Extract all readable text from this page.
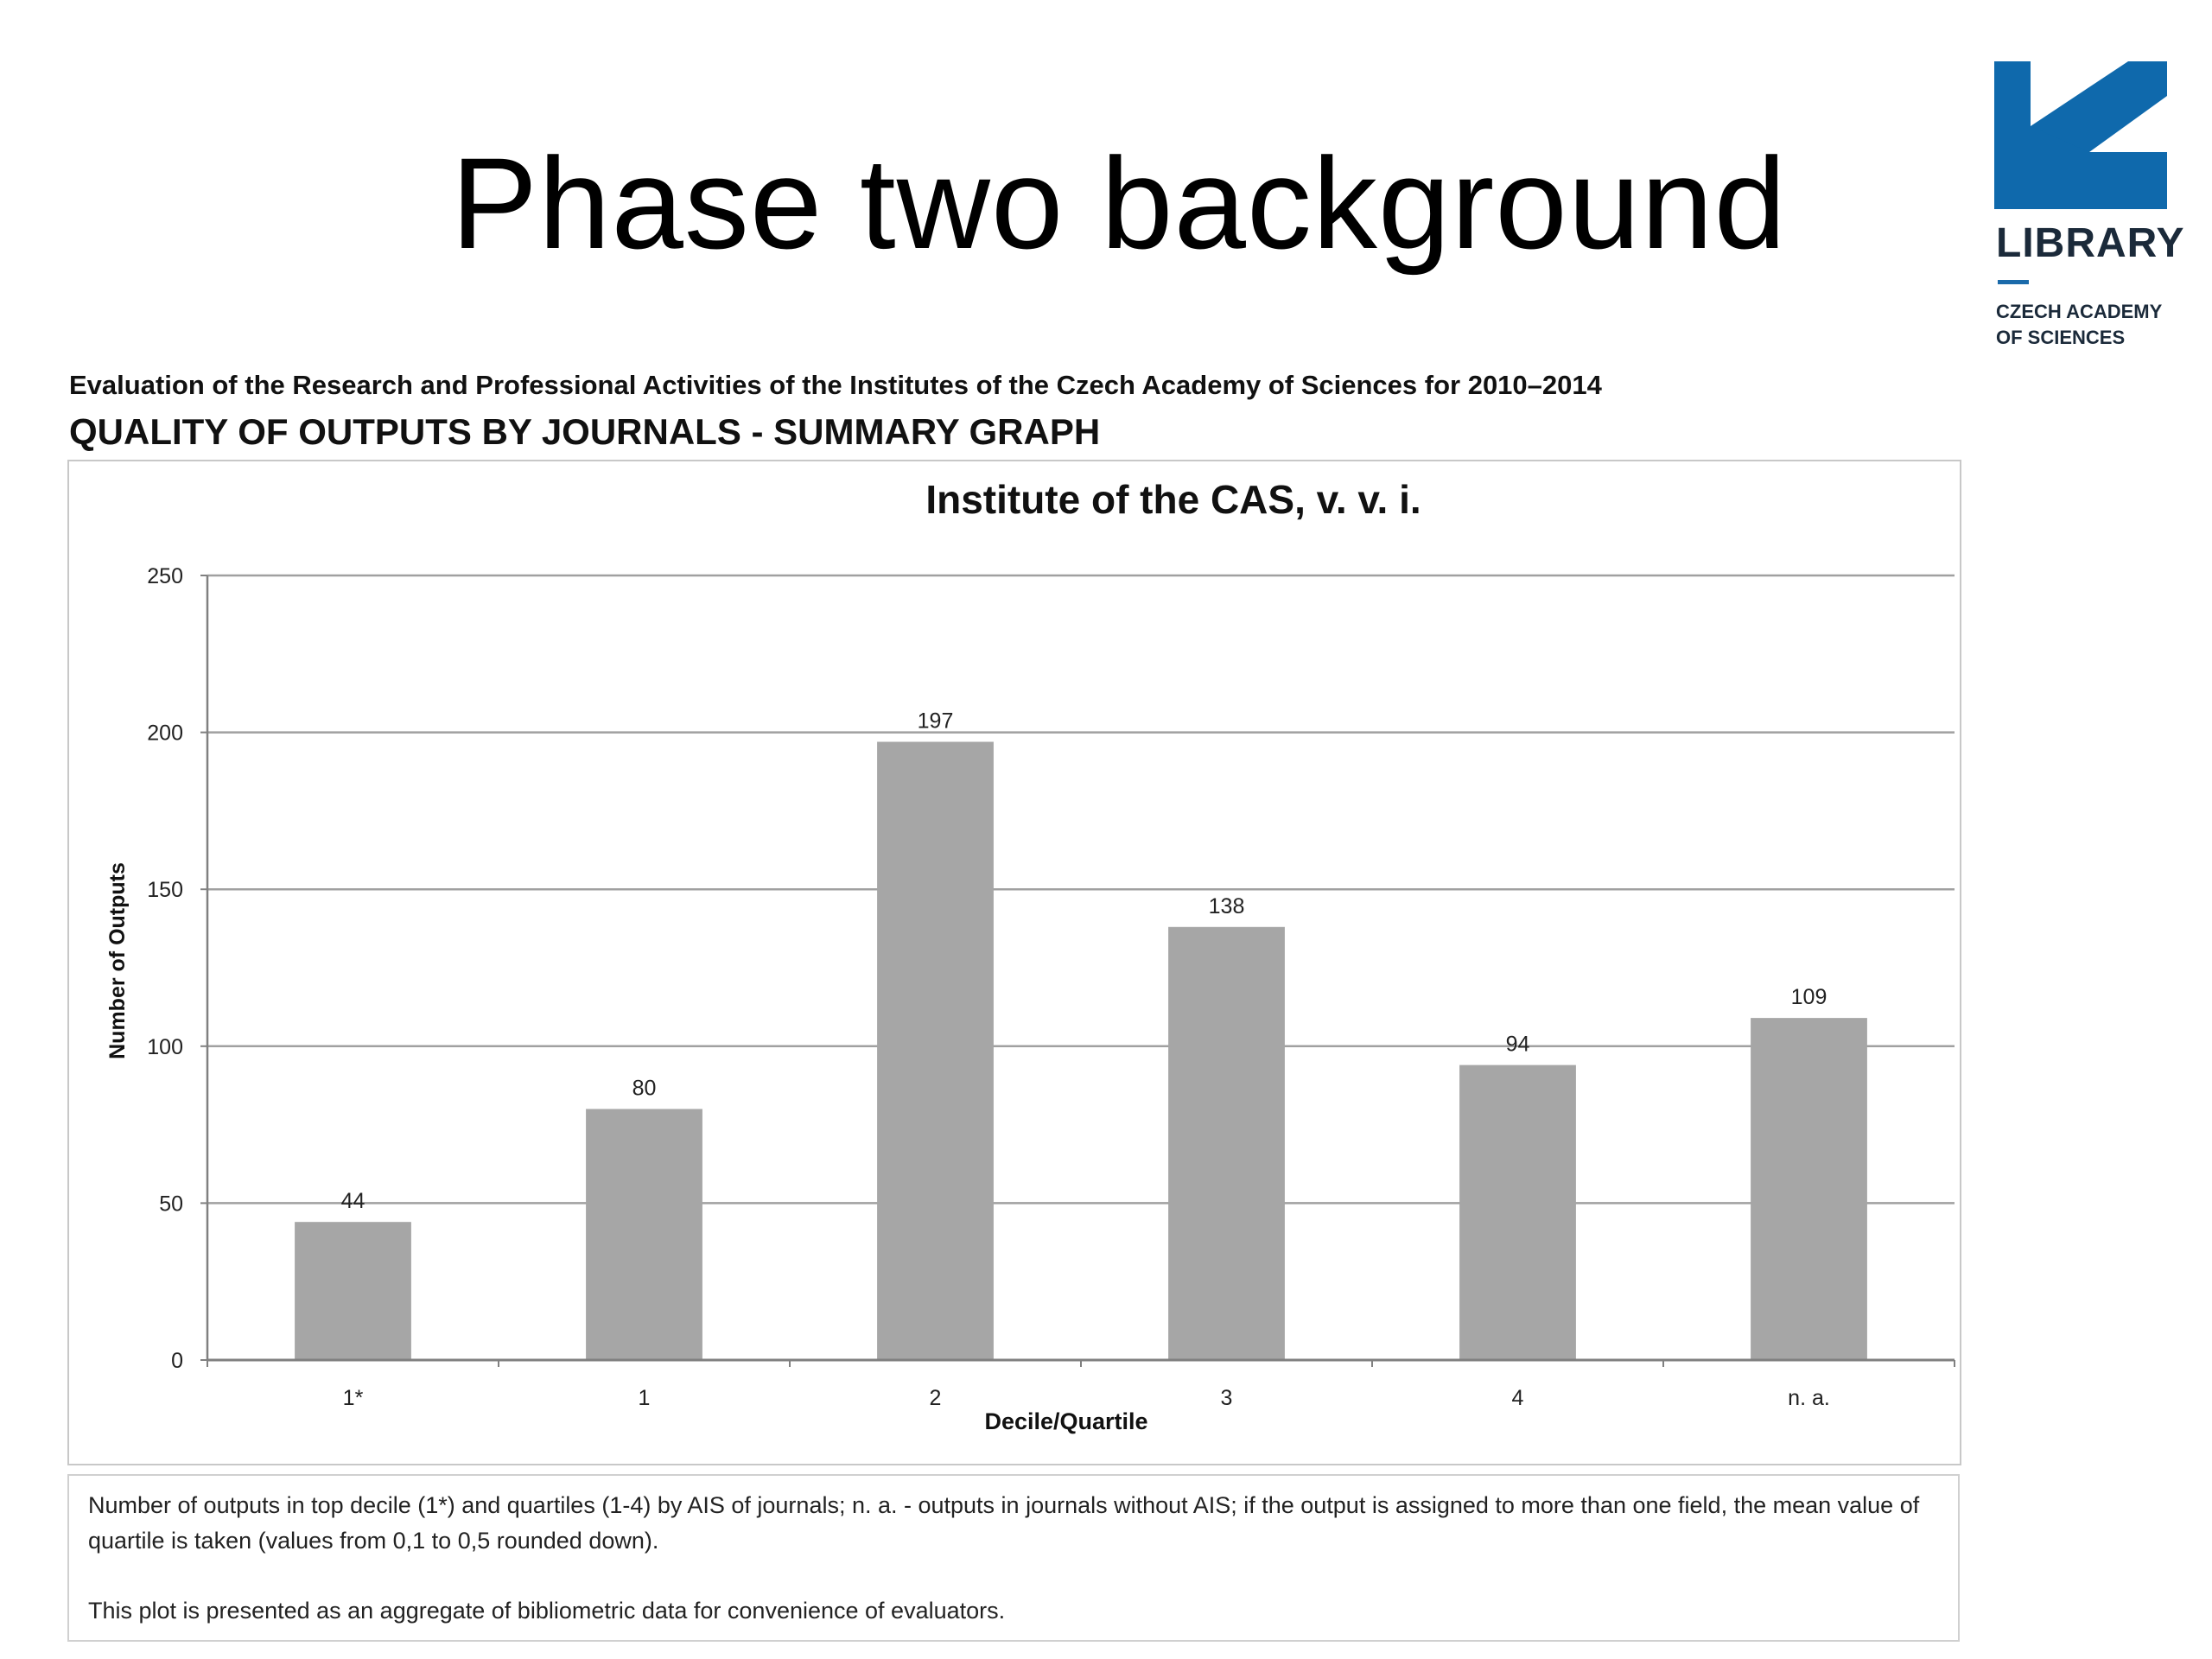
Phase two background	LIBRARY
CZECH ACADEMY
OF SCIENCES
Evaluation of the Research and Professional Activities of the Institutes of the Czech Academy of Sciences for 2010–2014
QUALITY OF OUTPUTS BY JOURNALS - SUMMARY GRAPH
Institute of the CAS, v. v. i.
44
80
197
138
94
109
0
50
100
150
200
250
1*	1	2	3	4	n. a.
Decile/Quartile
Number of Outputs

Number of outputs in top decile (1*) and quartiles (1-4) by AIS of journals; n. a. - outputs in journals without AIS; if the output is assigned to more than one field, the mean value of quartile is taken (values from 0,1 to 0,5 rounded down).

This plot is presented as an aggregate of bibliometric data for convenience of evaluators.
